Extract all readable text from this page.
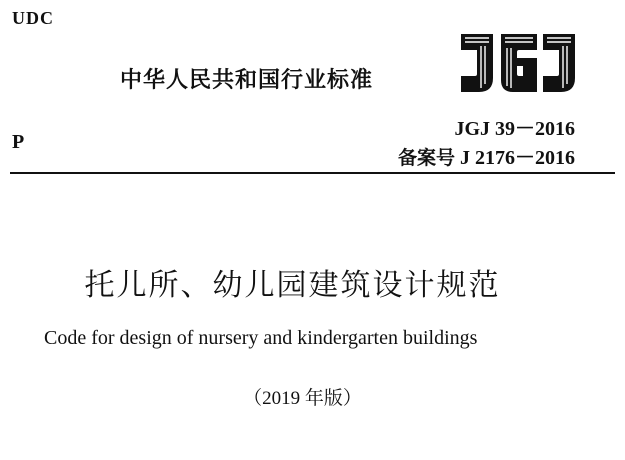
UDC
中华人民共和国行业标准
JGJ 39－2016
备案号 J 2176－2016
P
托儿所、幼儿园建筑设计规范
Code for design of nursery and kindergarten buildings
（2019 年版）
